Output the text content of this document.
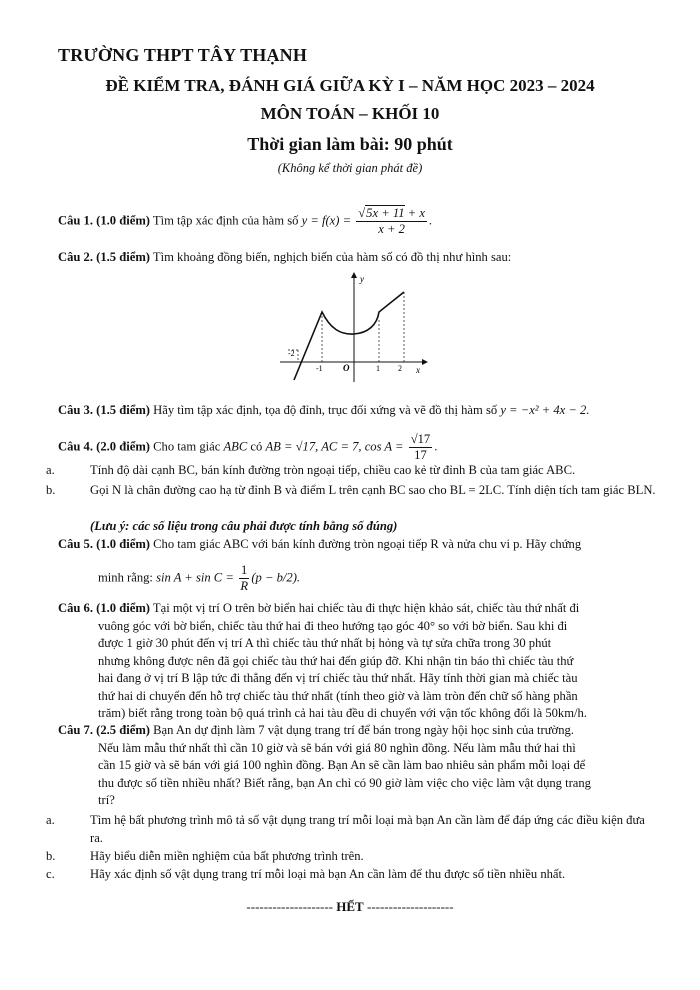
TRƯỜNG THPT TÂY THẠNH
ĐỀ KIỂM TRA, ĐÁNH GIÁ GIỮA KỲ I – NĂM HỌC 2023 – 2024
MÔN TOÁN – KHỐI 10
Thời gian làm bài: 90 phút
(Không kể thời gian phát đề)
Câu 1. (1.0 điểm) Tìm tập xác định của hàm số $y = f(x) = \frac{√5x + 11 + x}{x + 2}$ .
Câu 2. (1.5 điểm) Tìm khoảng đồng biến, nghịch biến của hàm số có đồ thị như hình sau:
y
x
O
-2
-1	1 2
Câu 3. (1.5 điểm) Hãy tìm tập xác định, tọa độ đỉnh, trục đối xứng và vẽ đồ thị hàm số y = −x² + 4x − 2.
Câu 4. (2.0 điểm) Cho tam giác ABC có AB = √17, AC = 7, $\cos A = \frac{√17}{17}$ .
a.	Tính độ dài cạnh BC, bán kính đường tròn ngoại tiếp, chiều cao kẻ từ đỉnh B của tam giác ABC.
b.	Gọi N là chân đường cao hạ từ đỉnh B và điểm L trên cạnh BC sao cho BL = 2LC. Tính diện tích tam giác BLN.
(Lưu ý: các số liệu trong câu phải được tính bằng số đúng)
Câu 5. (1.0 điểm) Cho tam giác ABC với bán kính đường tròn ngoại tiếp R và nửa chu vi p. Hãy chứng
minh rằng: $\sin A + \sin C = \frac{1}{R} (p - b/2)$.
Câu 6. (1.0 điểm) Tại một vị trí O trên bờ biển hai chiếc tàu đi thực hiện khảo sát, chiếc tàu thứ nhất đi
vuông góc với bờ biển, chiếc tàu thứ hai đi theo hướng tạo góc 40° so với bờ biển. Sau khi đi
được 1 giờ 30 phút đến vị trí A thì chiếc tàu thứ nhất bị hỏng và tự sửa chữa trong 30 phút
nhưng không được nên đã gọi chiếc tàu thứ hai đến giúp đỡ. Khi nhận tin báo thì chiếc tàu thứ
hai đang ở vị trí B lập tức đi thẳng đến vị trí chiếc tàu thứ nhất. Hãy tính thời gian mà chiếc tàu
thứ hai di chuyển đến hỗ trợ chiếc tàu thứ nhất (tính theo giờ và làm tròn đến chữ số hàng phần
trăm) biết rằng trong toàn bộ quá trình cả hai tàu đều di chuyển với vận tốc không đổi là 50km/h.
Câu 7. (2.5 điểm) Bạn An dự định làm 7 vật dụng trang trí để bán trong ngày hội học sinh của trường.
Nếu làm mẫu thứ nhất thì cần 10 giờ và sẽ bán với giá 80 nghìn đồng. Nếu làm mẫu thứ hai thì
cần 15 giờ và sẽ bán với giá 100 nghìn đồng. Bạn An sẽ cần làm bao nhiêu sản phẩm mỗi loại để
thu được số tiền nhiều nhất? Biết rằng, bạn An chỉ có 90 giờ làm việc cho việc làm vật dụng trang
trí?
a.	Tìm hệ bất phương trình mô tả số vật dụng trang trí mỗi loại mà bạn An cần làm để đáp ứng các điều kiện đưa ra.
b.	Hãy biểu diễn miền nghiệm của bất phương trình trên.
c.	Hãy xác định số vật dụng trang trí mỗi loại mà bạn An cần làm để thu được số tiền nhiều nhất.
-------------------- HẾT --------------------
